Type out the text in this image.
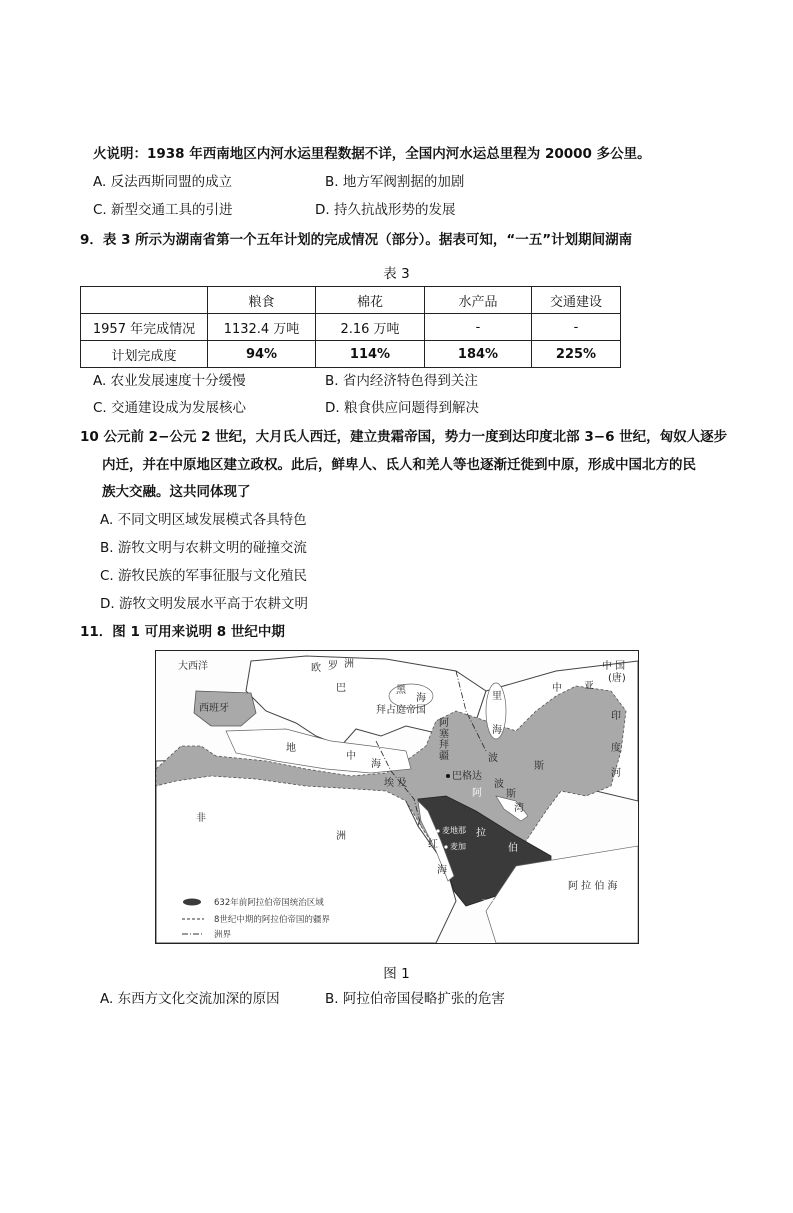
火说明：1938 年西南地区内河水运里程数据不详，全国内河水运总里程为 20000 多公里。
A. 反法西斯同盟的成立	B. 地方军阀割据的加剧
C. 新型交通工具的引进	D. 持久抗战形势的发展
9．表 3 所示为湖南省第一个五年计划的完成情况（部分）。据表可知，“一五”计划期间湖南
表 3
	粮食	棉花	水产品	交通建设
1957 年完成情况	1132.4 万吨	2.16 万吨	-	-
计划完成度	94%	114%	184%	225%
A. 农业发展速度十分缓慢	B. 省内经济特色得到关注
C. 交通建设成为发展核心	D. 粮食供应问题得到解决
10 公元前 2−公元 2 世纪，大月氏人西迁，建立贵霜帝国，势力一度到达印度北部 3−6 世纪，匈奴人逐步
内迁，并在中原地区建立政权。此后，鲜卑人、氐人和羌人等也逐渐迁徙到中原，形成中国北方的民
族大交融。这共同体现了
A. 不同文明区域发展模式各具特色
B. 游牧文明与农耕文明的碰撞交流
C. 游牧民族的军事征服与文化殖民
D. 游牧文明发展水平高于农耕文明
11．图 1 可用来说明 8 世纪中期
大西洋
西班牙
欧 罗 洲
巴	黑
海
拜占庭帝国
地
中
海
里
海
中 国
(唐)
中 亚
阿
塞
拜
疆	波
斯
巴格达
印
度
河
波
斯
湾
埃 及
阿
拉
伯
麦地那
麦加
红
海
非
洲
阿 拉 伯 海
亚丁
632年前阿拉伯帝国统治区域
8世纪中期的阿拉伯帝国的疆界
洲界
图 1
A. 东西方文化交流加深的原因	B. 阿拉伯帝国侵略扩张的危害
